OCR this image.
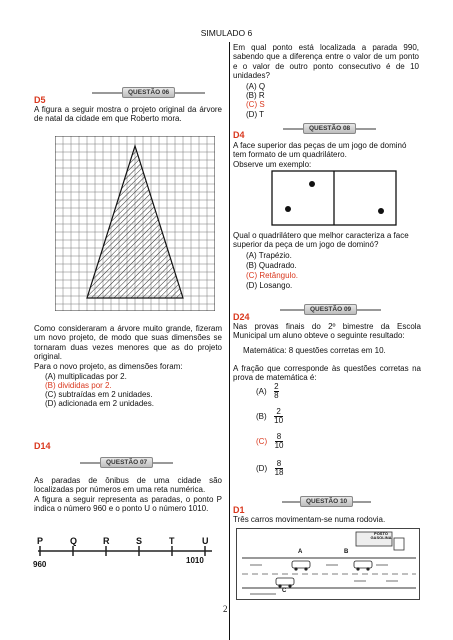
SIMULADO 6
QUESTÃO 06
D5
A figura a seguir mostra o projeto original da árvore de natal da cidade em que Roberto mora.
Como consideraram a árvore muito grande, fizeram um novo projeto, de modo que suas dimensões se tornaram duas vezes menores que as do projeto original.
Para o novo projeto, as dimensões foram:
(A) multiplicadas por 2.
(B) divididas por 2.
(C) subtraídas em 2 unidades.
(D) adicionada em 2 unidades.
D14
QUESTÃO 07
As paradas de ônibus de uma cidade são localizadas por números em uma reta numérica.
A figura a seguir representa as paradas, o ponto P indica o número 960 e o ponto U o número 1010.
P	Q	R	S	T	U
960	1010
2
Em qual ponto está localizada a parada 990, sabendo que a diferença entre o valor de um ponto e o valor de outro ponto consecutivo é de 10 unidades?
(A) Q
(B) R
(C) S
(D) T
QUESTÃO 08
D4
A face superior das peças de um jogo de dominó tem formato de um quadrilátero.
Observe um exemplo:
Qual o quadrilátero que melhor caracteriza a face superior da peça de um jogo de dominó?
(A) Trapézio.
(B) Quadrado.
(C) Retângulo.
(D) Losango.
QUESTÃO 09
D24
Nas provas finais do 2º bimestre da Escola Municipal um aluno obteve o seguinte resultado:
Matemática: 8 questões corretas em 10.
A fração que corresponde às questões corretas na prova de matemática é:
$(A) \frac{2}{8}$
$(B) \frac{2}{10}$
$(C) \frac{8}{10}$
$(D) \frac{8}{18}$
QUESTÃO 10
D1
Três carros movimentam-se numa rodovia.
POSTO GASOLINA
A	B
C
